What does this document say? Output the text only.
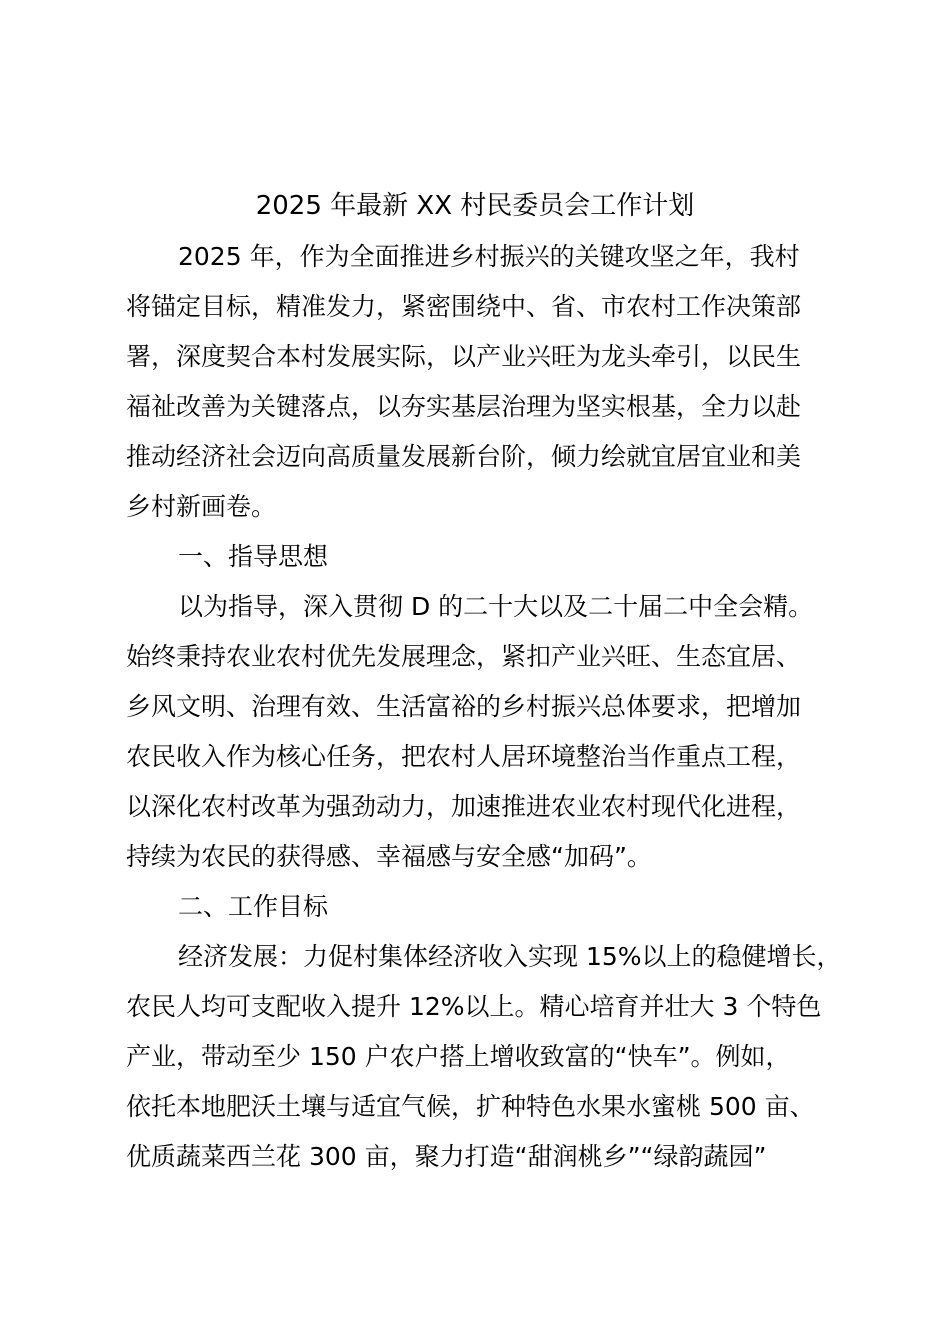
2025 年最新 XX 村民委员会工作计划
2025 年，作为全面推进乡村振兴的关键攻坚之年，我村
将锚定目标，精准发力，紧密围绕中、省、市农村工作决策部
署，深度契合本村发展实际，以产业兴旺为龙头牵引，以民生
福祉改善为关键落点，以夯实基层治理为坚实根基，全力以赴
推动经济社会迈向高质量发展新台阶，倾力绘就宜居宜业和美
乡村新画卷。
一、指导思想
以为指导，深入贯彻 D 的二十大以及二十届二中全会精。
始终秉持农业农村优先发展理念，紧扣产业兴旺、生态宜居、
乡风文明、治理有效、生活富裕的乡村振兴总体要求，把增加
农民收入作为核心任务，把农村人居环境整治当作重点工程，
以深化农村改革为强劲动力，加速推进农业农村现代化进程，
持续为农民的获得感、幸福感与安全感“加码”。
二、工作目标
经济发展：力促村集体经济收入实现 15%以上的稳健增长，
农民人均可支配收入提升 12%以上。精心培育并壮大 3 个特色
产业，带动至少 150 户农户搭上增收致富的“快车”。例如，
依托本地肥沃土壤与适宜气候，扩种特色水果水蜜桃 500 亩、
优质蔬菜西兰花 300 亩，聚力打造“甜润桃乡”“绿韵蔬园”
